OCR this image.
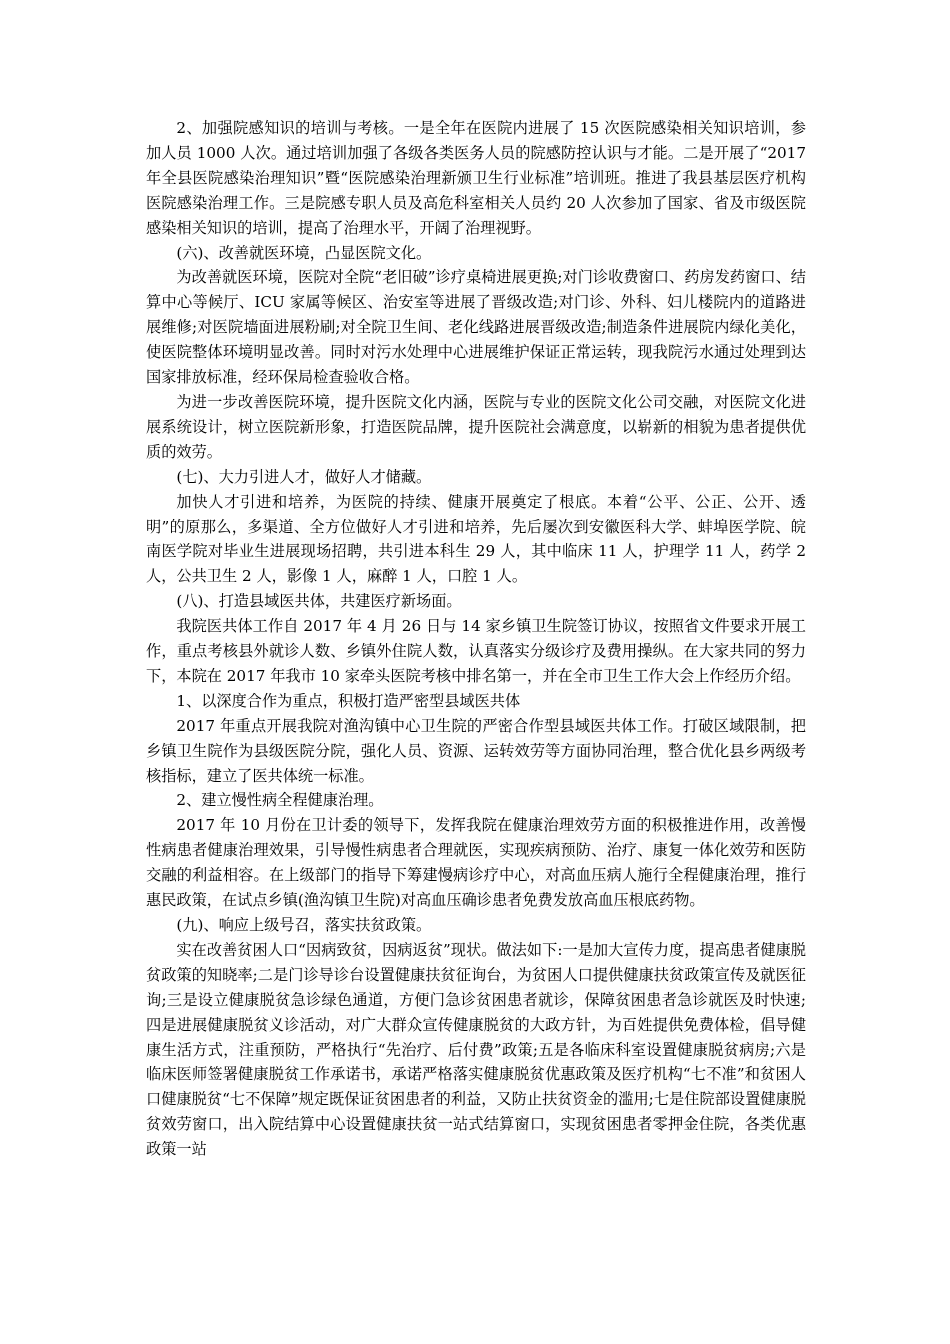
2、加强院感知识的培训与考核。一是全年在医院内进展了 15 次医院感染相关知识培训，参加人员 1000 人次。通过培训加强了各级各类医务人员的院感防控认识与才能。二是开展了“2017 年全县医院感染治理知识”暨“医院感染治理新颁卫生行业标准”培训班。推进了我县基层医疗机构医院感染治理工作。三是院感专职人员及高危科室相关人员约 20 人次参加了国家、省及市级医院感染相关知识的培训，提高了治理水平，开阔了治理视野。

(六)、改善就医环境，凸显医院文化。

为改善就医环境，医院对全院“老旧破”诊疗桌椅进展更换;对门诊收费窗口、药房发药窗口、结算中心等候厅、ICU 家属等候区、治安室等进展了晋级改造;对门诊、外科、妇儿楼院内的道路进展维修;对医院墙面进展粉刷;对全院卫生间、老化线路进展晋级改造;制造条件进展院内绿化美化，使医院整体环境明显改善。同时对污水处理中心进展维护保证正常运转，现我院污水通过处理到达国家排放标准，经环保局检查验收合格。

为进一步改善医院环境，提升医院文化内涵，医院与专业的医院文化公司交融，对医院文化进展系统设计，树立医院新形象，打造医院品牌，提升医院社会满意度，以崭新的相貌为患者提供优质的效劳。

(七)、大力引进人才，做好人才储藏。

加快人才引进和培养，为医院的持续、健康开展奠定了根底。本着“公平、公正、公开、透明”的原那么，多渠道、全方位做好人才引进和培养，先后屡次到安徽医科大学、蚌埠医学院、皖南医学院对毕业生进展现场招聘，共引进本科生 29 人，其中临床 11 人，护理学 11 人，药学 2 人，公共卫生 2 人，影像 1 人，麻醉 1 人，口腔 1 人。

(八)、打造县域医共体，共建医疗新场面。

我院医共体工作自 2017 年 4 月 26 日与 14 家乡镇卫生院签订协议，按照省文件要求开展工作，重点考核县外就诊人数、乡镇外住院人数，认真落实分级诊疗及费用操纵。在大家共同的努力下，本院在 2017 年我市 10 家牵头医院考核中排名第一，并在全市卫生工作大会上作经历介绍。

1、以深度合作为重点，积极打造严密型县域医共体

2017 年重点开展我院对渔沟镇中心卫生院的严密合作型县域医共体工作。打破区域限制，把乡镇卫生院作为县级医院分院，强化人员、资源、运转效劳等方面协同治理，整合优化县乡两级考核指标，建立了医共体统一标准。

2、建立慢性病全程健康治理。

2017 年 10 月份在卫计委的领导下，发挥我院在健康治理效劳方面的积极推进作用，改善慢性病患者健康治理效果，引导慢性病患者合理就医，实现疾病预防、治疗、康复一体化效劳和医防交融的利益相容。在上级部门的指导下筹建慢病诊疗中心，对高血压病人施行全程健康治理，推行惠民政策，在试点乡镇(渔沟镇卫生院)对高血压确诊患者免费发放高血压根底药物。

(九)、响应上级号召，落实扶贫政策。

实在改善贫困人口“因病致贫，因病返贫”现状。做法如下:一是加大宣传力度，提高患者健康脱贫政策的知晓率;二是门诊导诊台设置健康扶贫征询台，为贫困人口提供健康扶贫政策宣传及就医征询;三是设立健康脱贫急诊绿色通道，方便门急诊贫困患者就诊，保障贫困患者急诊就医及时快速;四是进展健康脱贫义诊活动，对广大群众宣传健康脱贫的大政方针，为百姓提供免费体检，倡导健康生活方式，注重预防，严格执行“先治疗、后付费”政策;五是各临床科室设置健康脱贫病房;六是临床医师签署健康脱贫工作承诺书，承诺严格落实健康脱贫优惠政策及医疗机构“七不准”和贫困人口健康脱贫“七不保障”规定既保证贫困患者的利益，又防止扶贫资金的滥用;七是住院部设置健康脱贫效劳窗口，出入院结算中心设置健康扶贫一站式结算窗口，实现贫困患者零押金住院，各类优惠政策一站
